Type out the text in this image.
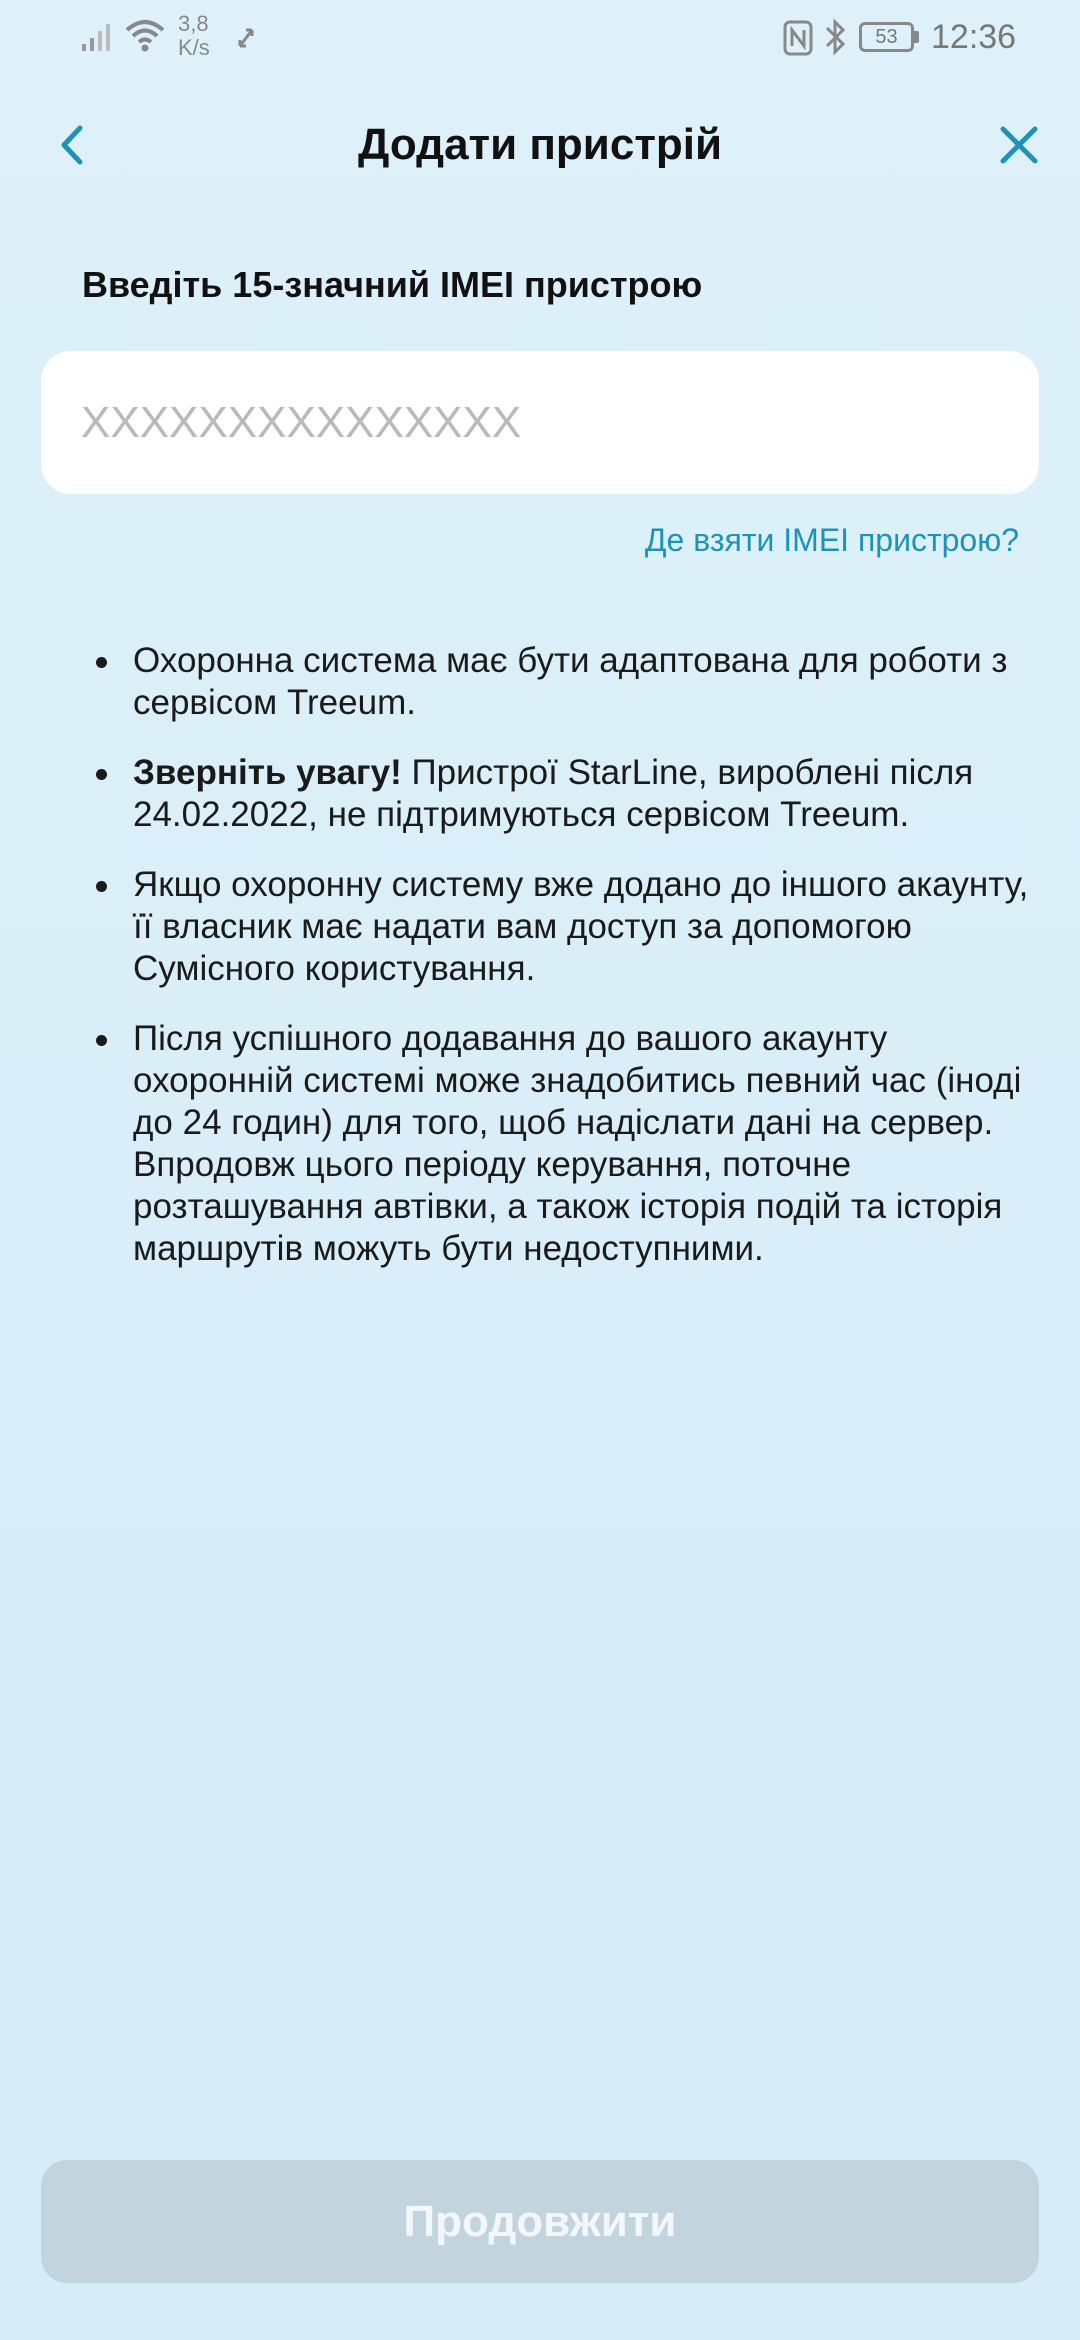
3,8
K/s	53 12:36
Додати пристрій
Введіть 15-значний IMEI пристрою
XXXXXXXXXXXXXXX
Де взяти IMEI пристрою?
Охоронна система має бути адаптована для роботи з сервісом Treeum.
Зверніть увагу! Пристрої StarLine, вироблені після 24.02.2022, не підтримуються сервісом Treeum.
Якщо охоронну систему вже додано до іншого акаунту, її власник має надати вам доступ за допомогою Сумісного користування.
Після успішного додавання до вашого акаунту охоронній системі може знадобитись певний час (іноді до 24 годин) для того, щоб надіслати дані на сервер. Впродовж цього періоду керування, поточне розташування автівки, а також історія подій та історія маршрутів можуть бути недоступними.
Продовжити
